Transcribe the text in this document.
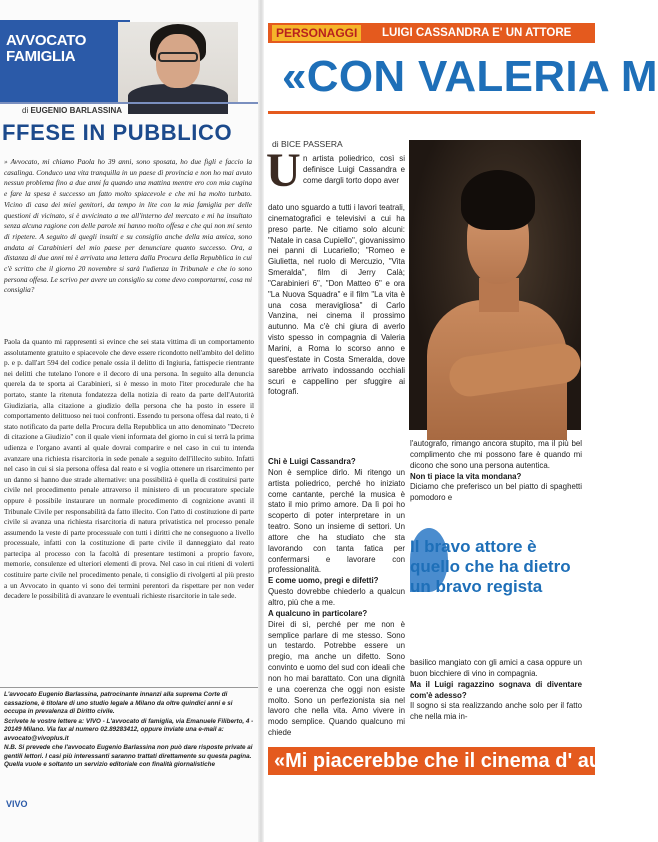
AVVOCATO
FAMIGLIA
di EUGENIO BARLASSINA
FFESE IN PUBBLICO

» Avvocato, mi chiamo Paola ho 39 anni, sono sposata, ho due figli e faccio la casalinga. Conduco una vita tranquilla in un paese di provincia e non ho mai avuto nessun problema fino a due anni fa quando una mattina mentre ero con mia cugina e fare la spesa è successo un fatto molto spiacevole e che mi ha molto turbato. Vicino di casa dei miei genitori, da tempo in lite con la mia famiglia per delle questioni di vicinato, si è avvicinato a me all'interno del mercato e mi ha insultato senza alcuna ragione con delle parole mi hanno molto offesa e che qui non mi sento di ripetere. A seguito di quegli insulti e su consiglio anche della mia amica, sono andata ai Carabinieri del mio paese per denunciare quanto successo. Ora, a distanza di due anni mi è arrivata una lettera dalla Procura della Repubblica in cui c'è scritto che il giorno 20 novembre si sarà l'udienza in Tribunale e che io sono persona offesa. Le scrivo per avere un consiglio su come devo comportarmi, cosa mi consiglia?

Paola da quanto mi rappresenti si evince che sei stata vittima di un comportamento assolutamente gratuito e spiacevole che deve essere ricondotto nell'ambito del delitto p. e p. dall'art 594 del codice penale ossia il delitto di Ingiuria, fattispecie rientrante nei delitti che tutelano l'onore e il decoro di una persona. In seguito alla denuncia querela da te sporta ai Carabinieri, si è messo in moto l'iter procedurale che ha portato, stante la ritenuta fondatezza della notizia di reato da parte dell'Autorità Giudiziaria, alla citazione a giudizio della persona che ha posto in essere il comportamento delittuoso nei tuoi confronti. Essendo tu persona offesa dal reato, ti è stato notificato da parte della Procura della Repubblica un atto denominato "Decreto di citazione a Giudizio" con il quale vieni informata del giorno in cui si terrà la prima udienza e l'organo avanti al quale dovrai comparire e nel caso in cui tu intenda avanzare una richiesta risarcitoria in sede penale a seguito dell'illecito subito. Infatti nel caso in cui si sia persona offesa dal reato e si voglia ottenere un risarcimento per un danno si hanno due strade alternative: una possibilità è quella di costituirsi parte civile nel procedimento penale attraverso il ministero di un procuratore speciale oppure è possibile instaurare un normale procedimento di cognizione avanti il Tribunale Civile per responsabilità da fatto illecito. Con l'atto di costituzione di parte civile si avanza una richiesta risarcitoria di natura privatistica nel processo penale assumendo la veste di parte processuale con tutti i diritti che ne conseguono a livello processuale, infatti con la costituzione di parte civile il danneggiato dal reato partecipa al processo con la facoltà di presentare testimoni a proprio favore, memorie, consulenze ed ulteriori elementi di prova. Nel caso in cui ritieni di volerti costituire parte civile nel procedimento penale, ti consiglio di rivolgerti al più presto a un Avvocato in quanto vi sono dei termini perentori da rispettare per non veder decadere le possibilità di avanzare le eventuali richieste risarcitorie in tale sede.

L'avvocato Eugenio Barlassina, patrocinante innanzi alla suprema Corte di cassazione, è titolare di uno studio legale a Milano da oltre quindici anni e si occupa in prevalenza di Diritto civile.

Scrivete le vostre lettere a: VIVO - L'avvocato di famiglia, via Emanuele Filiberto, 4 - 20149 Milano. Via fax al numero 02.89283412, oppure inviate una e-mail a: avvocato@vivoplus.it

N.B. Si prevede che l'avvocato Eugenio Barlassina non può dare risposte private ai gentili lettori. I casi più interessanti saranno trattati direttamente su questa pagina. Quella vuole e soltanto un servizio editoriale con finalità giornalistiche

VIVO
PERSONAGGI	LUIGI CASSANDRA E' UN ATTORE
«CON VALERIA M
di BICE PASSERA
U n artista poliedrico, così si definisce Luigi Cassandra e come dargli torto dopo aver

dato uno sguardo a tutti i lavori teatrali, cinematografici e televisivi a cui ha preso parte. Ne citiamo solo alcuni: "Natale in casa Cupiello", giovanissimo nei panni di Lucariello; "Romeo e Giulietta, nel ruolo di Mercuzio, "Vita Smeralda", film di Jerry Calà; "Carabinieri 6", "Don Matteo 6" e ora "La Nuova Squadra" e il film "La vita è una cosa meravigliosa" di Carlo Vanzina, nei cinema il prossimo autunno. Ma c'è chi giura di averlo visto spesso in compagnia di Valeria Marini, a Roma lo scorso anno e quest'estate in Costa Smeralda, dove sarebbe arrivato indossando occhiali scuri e cappellino per sfuggire ai fotografi.

Chi è Luigi Cassandra?
Non è semplice dirlo. Mi ritengo un artista poliedrico, perché ho iniziato come cantante, perché la musica è stato il mio primo amore. Da lì poi ho scoperto di poter interpretare in un teatro. Sono un insieme di settori. Un attore che ha studiato che sta lavorando con tanta fatica per confermarsi e lavorare con professionalità.
E come uomo, pregi e difetti?
Questo dovrebbe chiederlo a qualcun altro, più che a me.
A qualcuno in particolare?
Direi di sì, perché per me non è semplice parlare di me stesso. Sono un testardo. Potrebbe essere un pregio, ma anche un difetto. Sono convinto e uomo del sud con ideali che non ho mai barattato. Con una dignità e una coerenza che oggi non esiste molto. Sono un perfezionista sia nel lavoro che nella vita. Amo vivere in modo semplice. Quando qualcuno mi chiede
l'autografo, rimango ancora stupito, ma il più bel complimento che mi possono fare è quando mi dicono che sono una persona autentica.
Non ti piace la vita mondana?
Diciamo che preferisco un bel piatto di spaghetti pomodoro e
Il bravo attore è quello che ha dietro un bravo regista
basilico mangiato con gli amici a casa oppure un buon bicchiere di vino in compagnia.
Ma il Luigi ragazzino sognava di diventare com'è adesso?
Il sogno si sta realizzando anche solo per il fatto che nella mia in-
«Mi piacerebbe che il cinema d' au
